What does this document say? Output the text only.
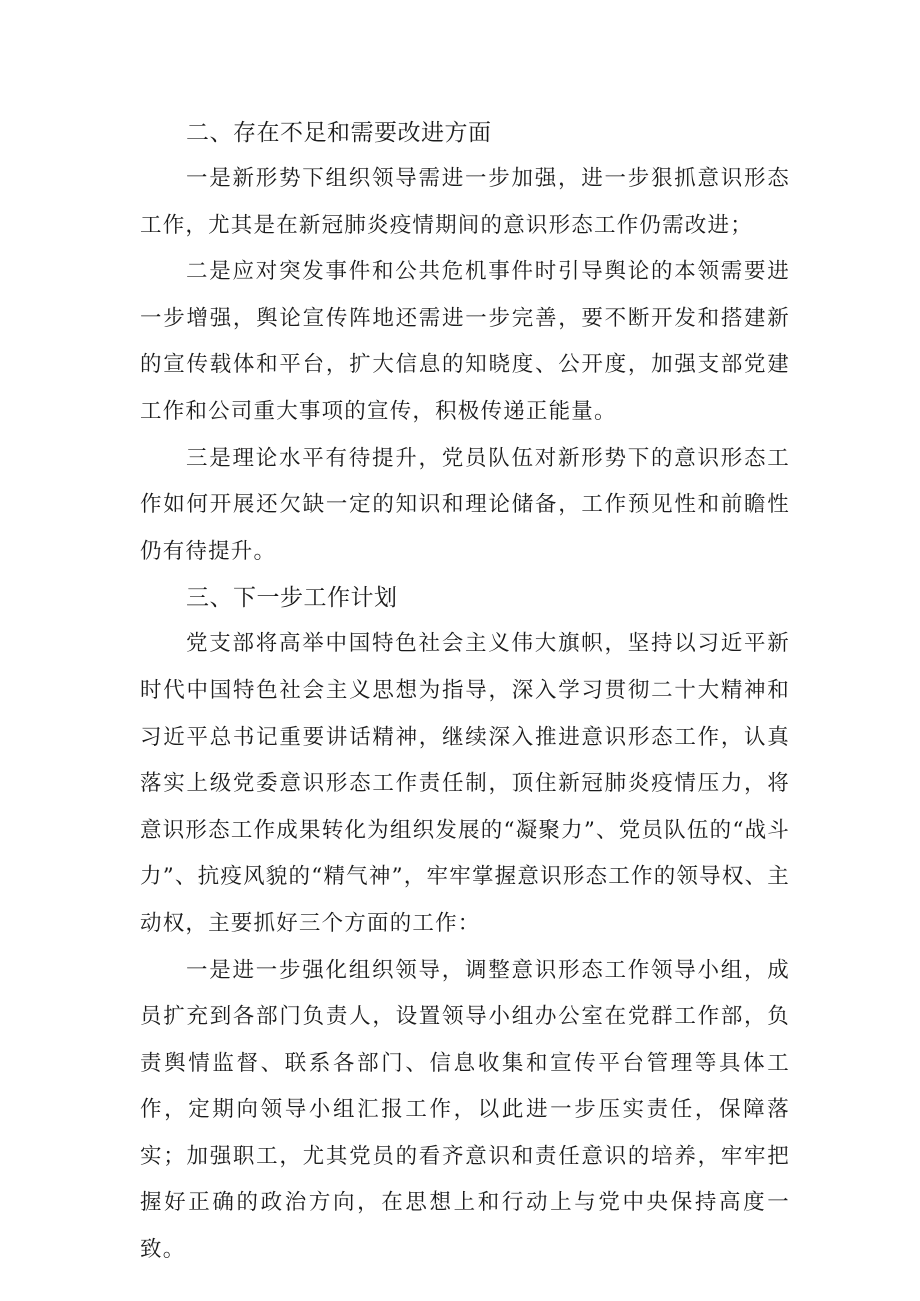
二、存在不足和需要改进方面

一是新形势下组织领导需进一步加强，进一步狠抓意识形态工作，尤其是在新冠肺炎疫情期间的意识形态工作仍需改进；

二是应对突发事件和公共危机事件时引导舆论的本领需要进一步增强，舆论宣传阵地还需进一步完善，要不断开发和搭建新的宣传载体和平台，扩大信息的知晓度、公开度，加强支部党建工作和公司重大事项的宣传，积极传递正能量。

三是理论水平有待提升，党员队伍对新形势下的意识形态工作如何开展还欠缺一定的知识和理论储备，工作预见性和前瞻性仍有待提升。

三、下一步工作计划

党支部将高举中国特色社会主义伟大旗帜，坚持以习近平新时代中国特色社会主义思想为指导，深入学习贯彻二十大精神和习近平总书记重要讲话精神，继续深入推进意识形态工作，认真落实上级党委意识形态工作责任制，顶住新冠肺炎疫情压力，将意识形态工作成果转化为组织发展的“凝聚力”、党员队伍的“战斗力”、抗疫风貌的“精气神”，牢牢掌握意识形态工作的领导权、主动权，主要抓好三个方面的工作：

一是进一步强化组织领导，调整意识形态工作领导小组，成员扩充到各部门负责人，设置领导小组办公室在党群工作部，负责舆情监督、联系各部门、信息收集和宣传平台管理等具体工作，定期向领导小组汇报工作，以此进一步压实责任，保障落实；加强职工，尤其党员的看齐意识和责任意识的培养，牢牢把握好正确的政治方向，在思想上和行动上与党中央保持高度一致。
